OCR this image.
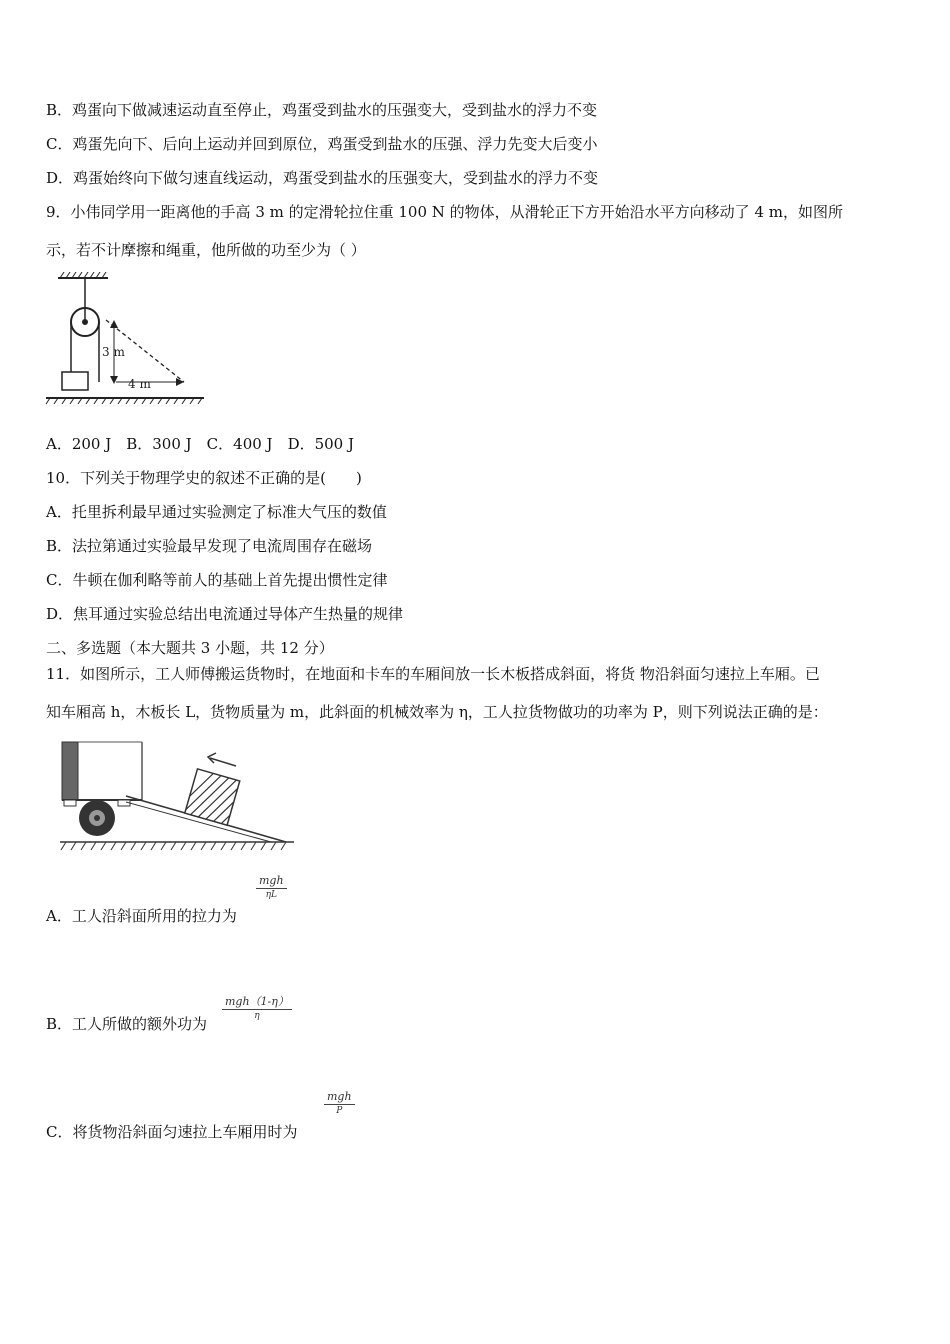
B．鸡蛋向下做减速运动直至停止，鸡蛋受到盐水的压强变大，受到盐水的浮力不变
C．鸡蛋先向下、后向上运动并回到原位，鸡蛋受到盐水的压强、浮力先变大后变小
D．鸡蛋始终向下做匀速直线运动，鸡蛋受到盐水的压强变大，受到盐水的浮力不变
9．小伟同学用一距离他的手高 3 m 的定滑轮拉住重 100 N 的物体，从滑轮正下方开始沿水平方向移动了 4 m，如图所
示，若不计摩擦和绳重，他所做的功至少为（ ）
3 m
4 m
A．200 J　B．300 J　C．400 J　D．500 J
10．下列关于物理学史的叙述不正确的是(　　)
A．托里拆利最早通过实验测定了标准大气压的数值
B．法拉第通过实验最早发现了电流周围存在磁场
C．牛顿在伽利略等前人的基础上首先提出惯性定律
D．焦耳通过实验总结出电流通过导体产生热量的规律
二、多选题（本大题共 3 小题，共 12 分）
11．如图所示，工人师傅搬运货物时，在地面和卡车的车厢间放一长木板搭成斜面，将货 物沿斜面匀速拉上车厢。已
知车厢高 h，木板长 L，货物质量为 m，此斜面的机械效率为 η，工人拉货物做功的功率为 P，则下列说法正确的是：
mgh
ηL
A．工人沿斜面所用的拉力为
mgh（1-η）
η
B．工人所做的额外功为
mgh
P
C．将货物沿斜面匀速拉上车厢用时为
